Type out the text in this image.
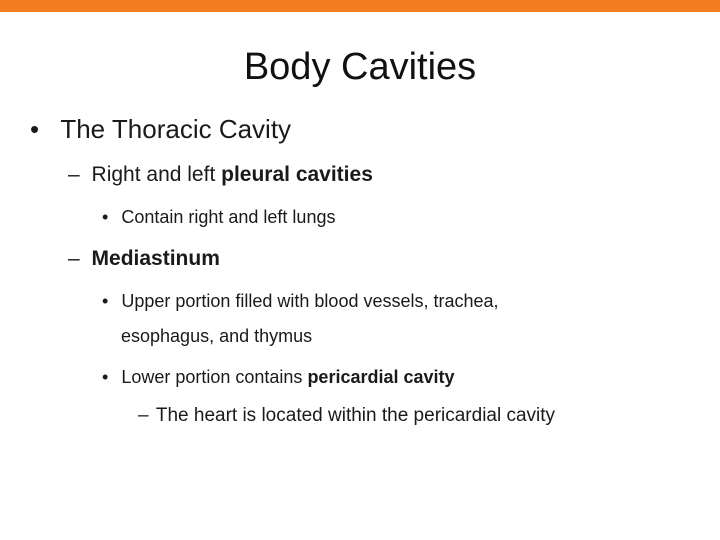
Body Cavities
• The Thoracic Cavity
– Right and left pleural cavities
• Contain right and left lungs
– Mediastinum
• Upper portion filled with blood vessels, trachea,
esophagus, and thymus
• Lower portion contains pericardial cavity
– The heart is located within the pericardial cavity
